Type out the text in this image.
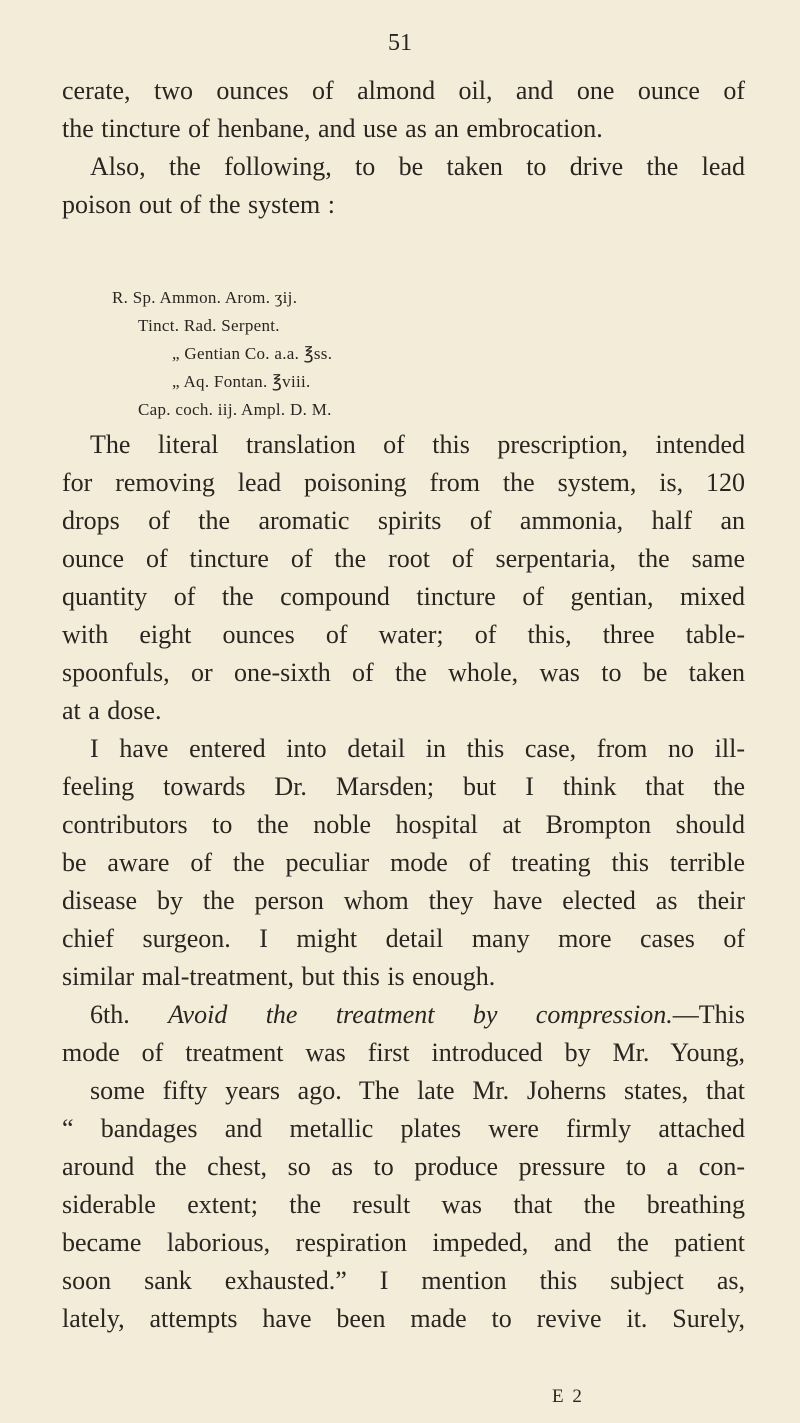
51
cerate, two ounces of almond oil, and one ounce of
the tincture of henbane, and use as an embrocation.
Also, the following, to be taken to drive the lead
poison out of the system :
R. Sp. Ammon. Arom. ʒij.
Tinct. Rad. Serpent.
„ Gentian Co. a.a. ℥ss.
„ Aq. Fontan. ℥viii.
Cap. coch. iij. Ampl. D. M.
The literal translation of this prescription, intended
for removing lead poisoning from the system, is, 120
drops of the aromatic spirits of ammonia, half an
ounce of tincture of the root of serpentaria, the same
quantity of the compound tincture of gentian, mixed
with eight ounces of water; of this, three table-
spoonfuls, or one-sixth of the whole, was to be taken
at a dose.
I have entered into detail in this case, from no ill-
feeling towards Dr. Marsden; but I think that the
contributors to the noble hospital at Brompton should
be aware of the peculiar mode of treating this terrible
disease by the person whom they have elected as their
chief surgeon. I might detail many more cases of
similar mal-treatment, but this is enough.
6th. Avoid the treatment by compression.—This
mode of treatment was first introduced by Mr. Young,
some fifty years ago. The late Mr. Joherns states, that
“ bandages and metallic plates were firmly attached
around the chest, so as to produce pressure to a con-
siderable extent; the result was that the breathing
became laborious, respiration impeded, and the patient
soon sank exhausted.” I mention this subject as,
lately, attempts have been made to revive it. Surely,
E 2
